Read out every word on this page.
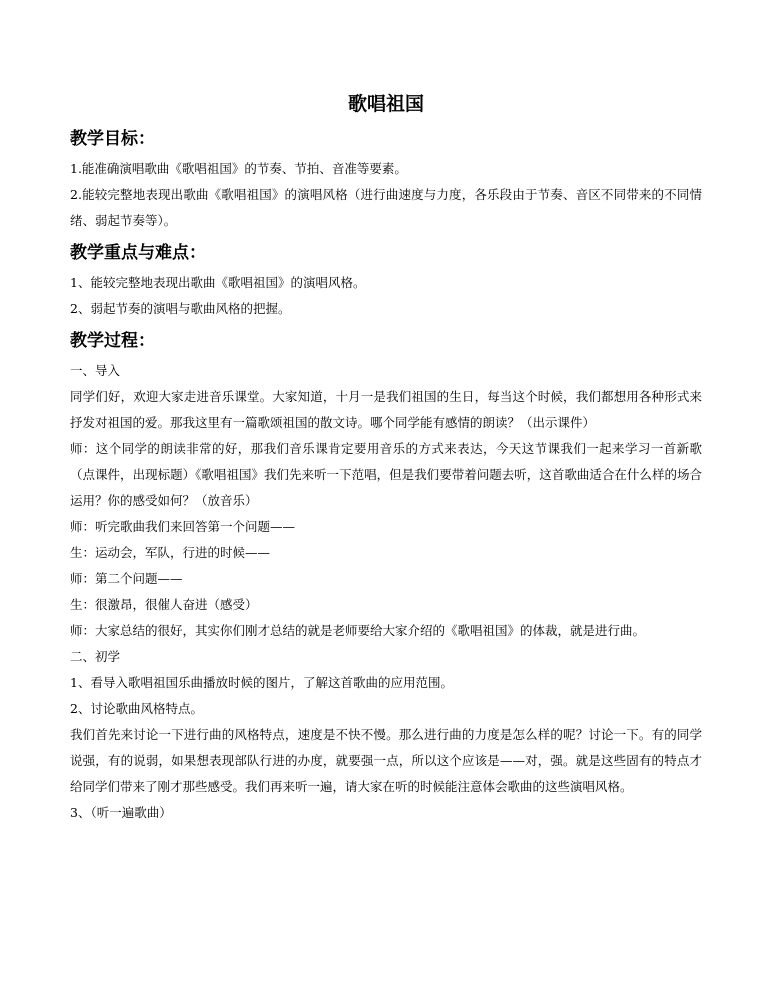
歌唱祖国
教学目标：

1.能准确演唱歌曲《歌唱祖国》的节奏、节拍、音准等要素。

2.能较完整地表现出歌曲《歌唱祖国》的演唱风格（进行曲速度与力度，各乐段由于节奏、音区不同带来的不同情绪、弱起节奏等）。

教学重点与难点：

1、能较完整地表现出歌曲《歌唱祖国》的演唱风格。

2、弱起节奏的演唱与歌曲风格的把握。

教学过程：

一、导入

同学们好，欢迎大家走进音乐课堂。大家知道，十月一是我们祖国的生日，每当这个时候，我们都想用各种形式来抒发对祖国的爱。那我这里有一篇歌颂祖国的散文诗。哪个同学能有感情的朗读？（出示课件）

师：这个同学的朗读非常的好，那我们音乐课肯定要用音乐的方式来表达，今天这节课我们一起来学习一首新歌（点课件，出现标题）《歌唱祖国》我们先来听一下范唱，但是我们要带着问题去听，这首歌曲适合在什么样的场合运用？你的感受如何？（放音乐）

师：听完歌曲我们来回答第一个问题——

生：运动会，军队，行进的时候——

师：第二个问题——

生：很激昂，很催人奋进（感受）

师：大家总结的很好，其实你们刚才总结的就是老师要给大家介绍的《歌唱祖国》的体裁，就是进行曲。

二、初学

1、看导入歌唱祖国乐曲播放时候的图片，了解这首歌曲的应用范围。

2、讨论歌曲风格特点。

我们首先来讨论一下进行曲的风格特点，速度是不快不慢。那么进行曲的力度是怎么样的呢？讨论一下。有的同学说强，有的说弱，如果想表现部队行进的办度，就要强一点，所以这个应该是——对，强。就是这些固有的特点才给同学们带来了刚才那些感受。我们再来听一遍，请大家在听的时候能注意体会歌曲的这些演唱风格。

3、（听一遍歌曲）
